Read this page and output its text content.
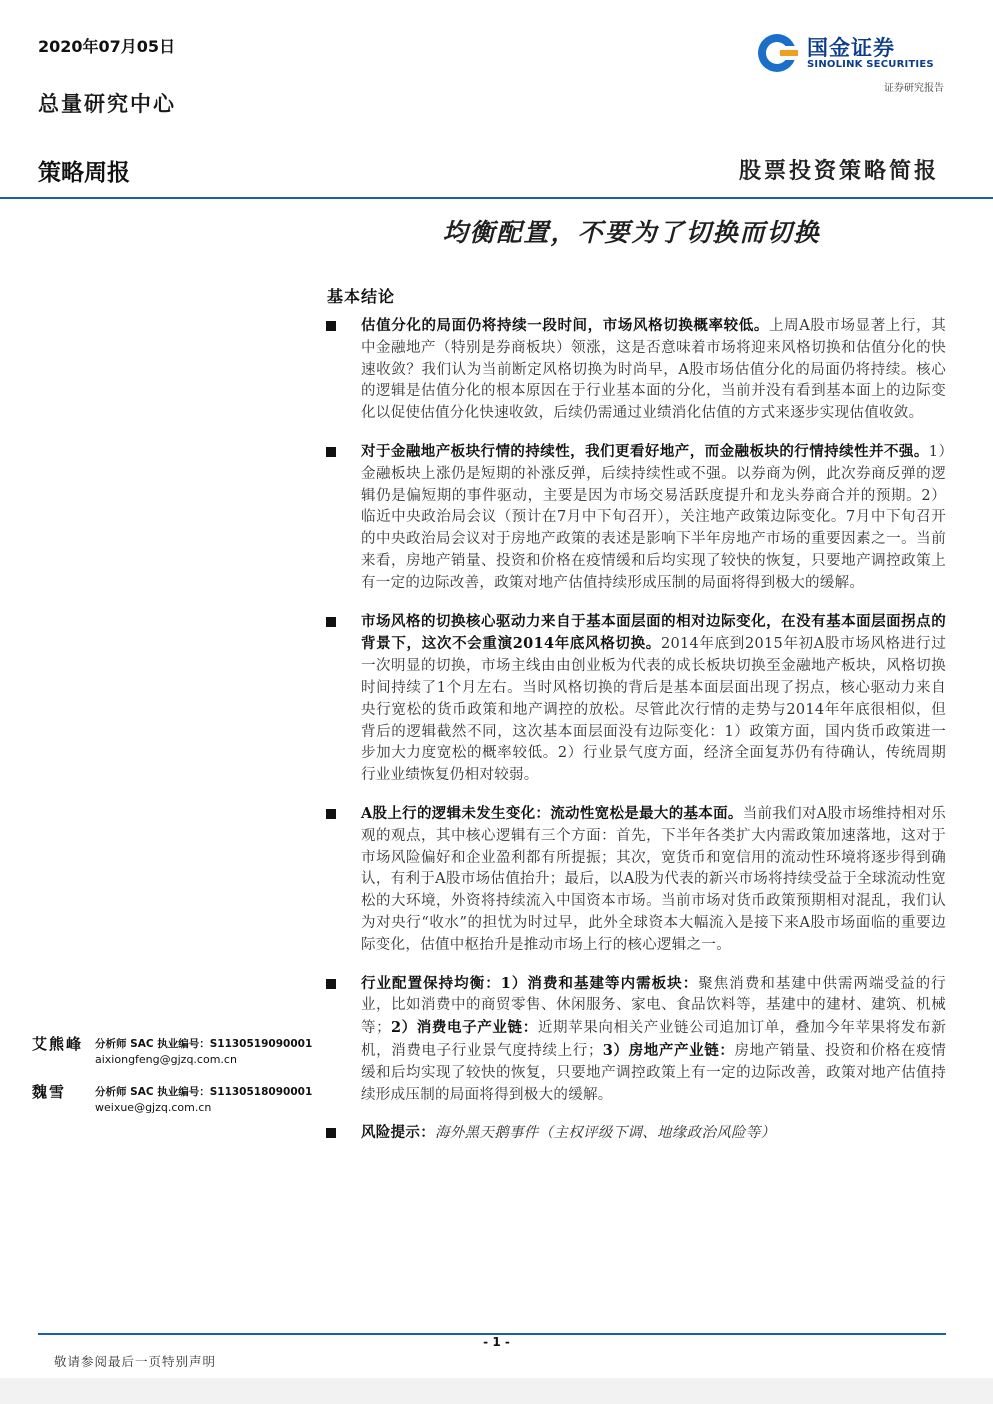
2020年07月05日
总量研究中心
国金证券
SINOLINK SECURITIES
证券研究报告
策略周报	股票投资策略简报
均衡配置，不要为了切换而切换
基本结论
估值分化的局面仍将持续一段时间，市场风格切换概率较低。上周A股市场显著上行，其中金融地产（特别是券商板块）领涨，这是否意味着市场将迎来风格切换和估值分化的快速收敛？我们认为当前断定风格切换为时尚早，A股市场估值分化的局面仍将持续。核心的逻辑是估值分化的根本原因在于行业基本面的分化，当前并没有看到基本面上的边际变化以促使估值分化快速收敛，后续仍需通过业绩消化估值的方式来逐步实现估值收敛。
对于金融地产板块行情的持续性，我们更看好地产，而金融板块的行情持续性并不强。1）金融板块上涨仍是短期的补涨反弹，后续持续性或不强。以券商为例，此次券商反弹的逻辑仍是偏短期的事件驱动，主要是因为市场交易活跃度提升和龙头券商合并的预期。2）临近中央政治局会议（预计在7月中下旬召开），关注地产政策边际变化。7月中下旬召开的中央政治局会议对于房地产政策的表述是影响下半年房地产市场的重要因素之一。当前来看，房地产销量、投资和价格在疫情缓和后均实现了较快的恢复，只要地产调控政策上有一定的边际改善，政策对地产估值持续形成压制的局面将得到极大的缓解。
市场风格的切换核心驱动力来自于基本面层面的相对边际变化，在没有基本面层面拐点的背景下，这次不会重演2014年底风格切换。2014年底到2015年初A股市场风格进行过一次明显的切换，市场主线由由创业板为代表的成长板块切换至金融地产板块，风格切换时间持续了1个月左右。当时风格切换的背后是基本面层面出现了拐点，核心驱动力来自央行宽松的货币政策和地产调控的放松。尽管此次行情的走势与2014年年底很相似，但背后的逻辑截然不同，这次基本面层面没有边际变化：1）政策方面，国内货币政策进一步加大力度宽松的概率较低。2）行业景气度方面，经济全面复苏仍有待确认，传统周期行业业绩恢复仍相对较弱。
A股上行的逻辑未发生变化：流动性宽松是最大的基本面。当前我们对A股市场维持相对乐观的观点，其中核心逻辑有三个方面：首先，下半年各类扩大内需政策加速落地，这对于市场风险偏好和企业盈利都有所提振；其次，宽货币和宽信用的流动性环境将逐步得到确认，有利于A股市场估值抬升；最后，以A股为代表的新兴市场将持续受益于全球流动性宽松的大环境，外资将持续流入中国资本市场。当前市场对货币政策预期相对混乱，我们认为对央行“收水”的担忧为时过早，此外全球资本大幅流入是接下来A股市场面临的重要边际变化，估值中枢抬升是推动市场上行的核心逻辑之一。
行业配置保持均衡：1）消费和基建等内需板块：聚焦消费和基建中供需两端受益的行业，比如消费中的商贸零售、休闲服务、家电、食品饮料等，基建中的建材、建筑、机械等；2）消费电子产业链：近期苹果向相关产业链公司追加订单，叠加今年苹果将发布新机，消费电子行业景气度持续上行；3）房地产产业链：房地产销量、投资和价格在疫情缓和后均实现了较快的恢复，只要地产调控政策上有一定的边际改善，政策对地产估值持续形成压制的局面将得到极大的缓解。
风险提示：海外黑天鹅事件（主权评级下调、地缘政治风险等）
艾熊峰 分析师 SAC 执业编号：S1130519090001
aixiongfeng@gjzq.com.cn
魏雪	分析师 SAC 执业编号：S1130518090001
weixue@gjzq.com.cn
- 1 -
敬请参阅最后一页特别声明
